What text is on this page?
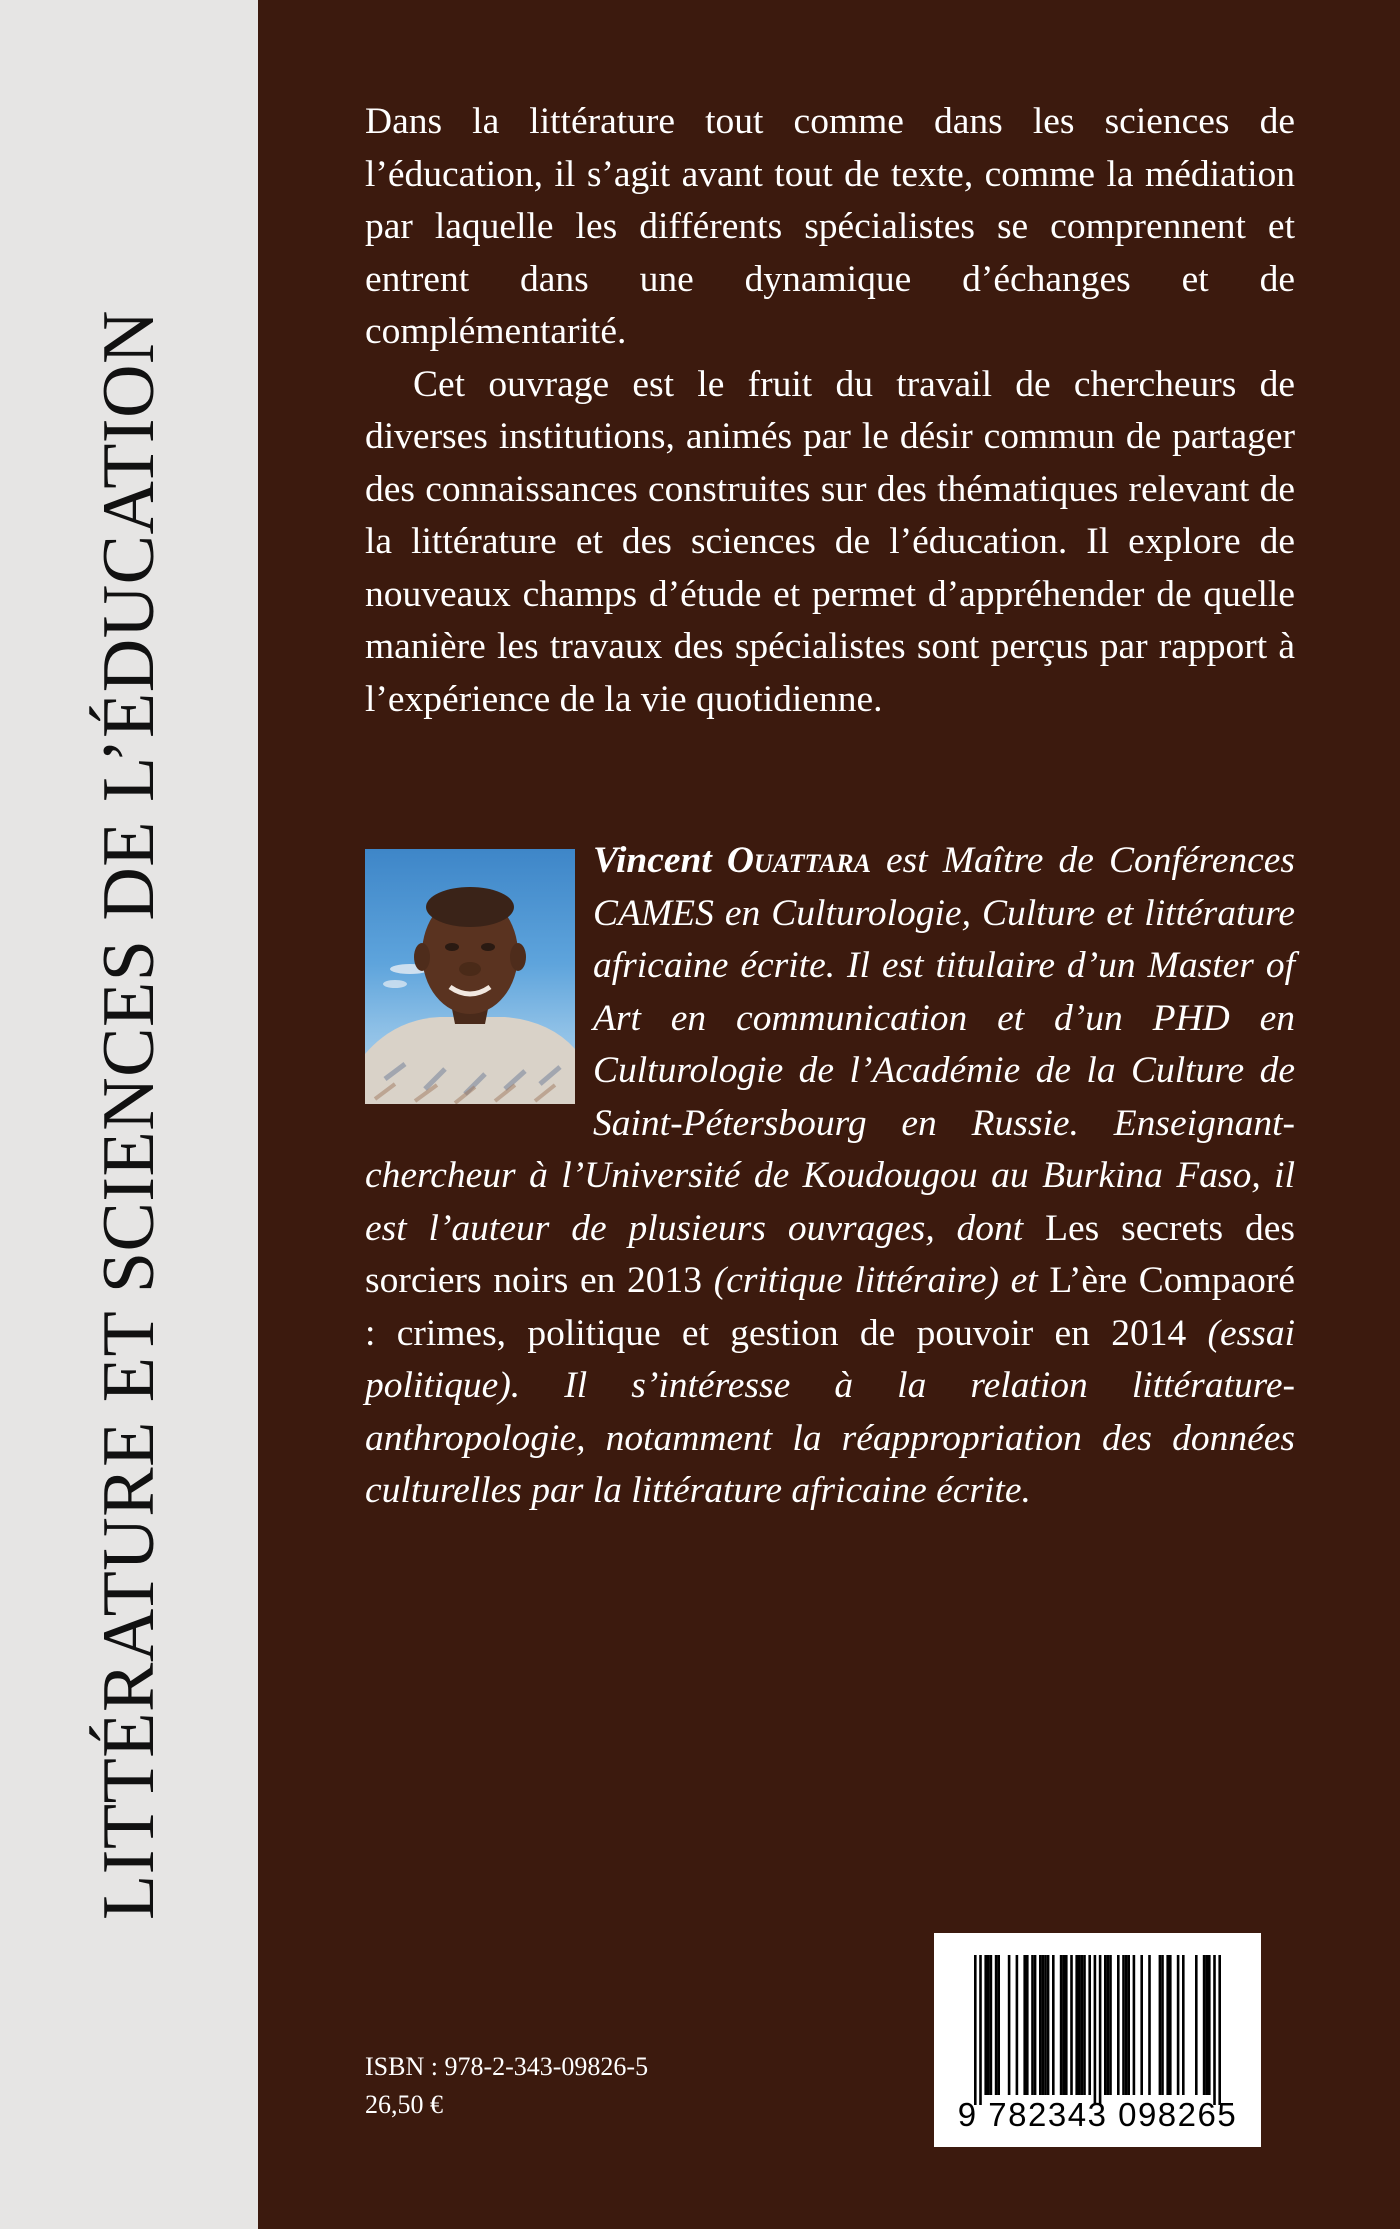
LITTÉRATURE ET SCIENCES DE L’ÉDUCATION

Dans la littérature tout comme dans les sciences de l’éducation, il s’agit avant tout de texte, comme la médiation par laquelle les différents spécialistes se comprennent et entrent dans une dynamique d’échanges et de complémentarité.

Cet ouvrage est le fruit du travail de chercheurs de diverses institutions, animés par le désir commun de partager des connaissances construites sur des thématiques relevant de la littérature et des sciences de l’éducation. Il explore de nouveaux champs d’étude et permet d’appréhender de quelle manière les travaux des spécialistes sont perçus par rapport à l’expérience de la vie quotidienne.

Vincent Ouattara est Maître de Conférences CAMES en Culturologie, Culture et littérature africaine écrite. Il est titulaire d’un Master of Art en communication et d’un PHD en Culturologie de l’Académie de la Culture de Saint-Pétersbourg en Russie. Enseignant-chercheur à l’Université de Koudougou au Burkina Faso, il est l’auteur de plusieurs ouvrages, dont Les secrets des sorciers noirs en 2013 (critique littéraire) et L’ère Compaoré : crimes, politique et gestion de pouvoir en 2014 (essai politique). Il s’intéresse à la relation littérature-anthropologie, notamment la réappropriation des données culturelles par la littérature africaine écrite.
ISBN : 978-2-343-09826-5
26,50 €	9 782343 098265
